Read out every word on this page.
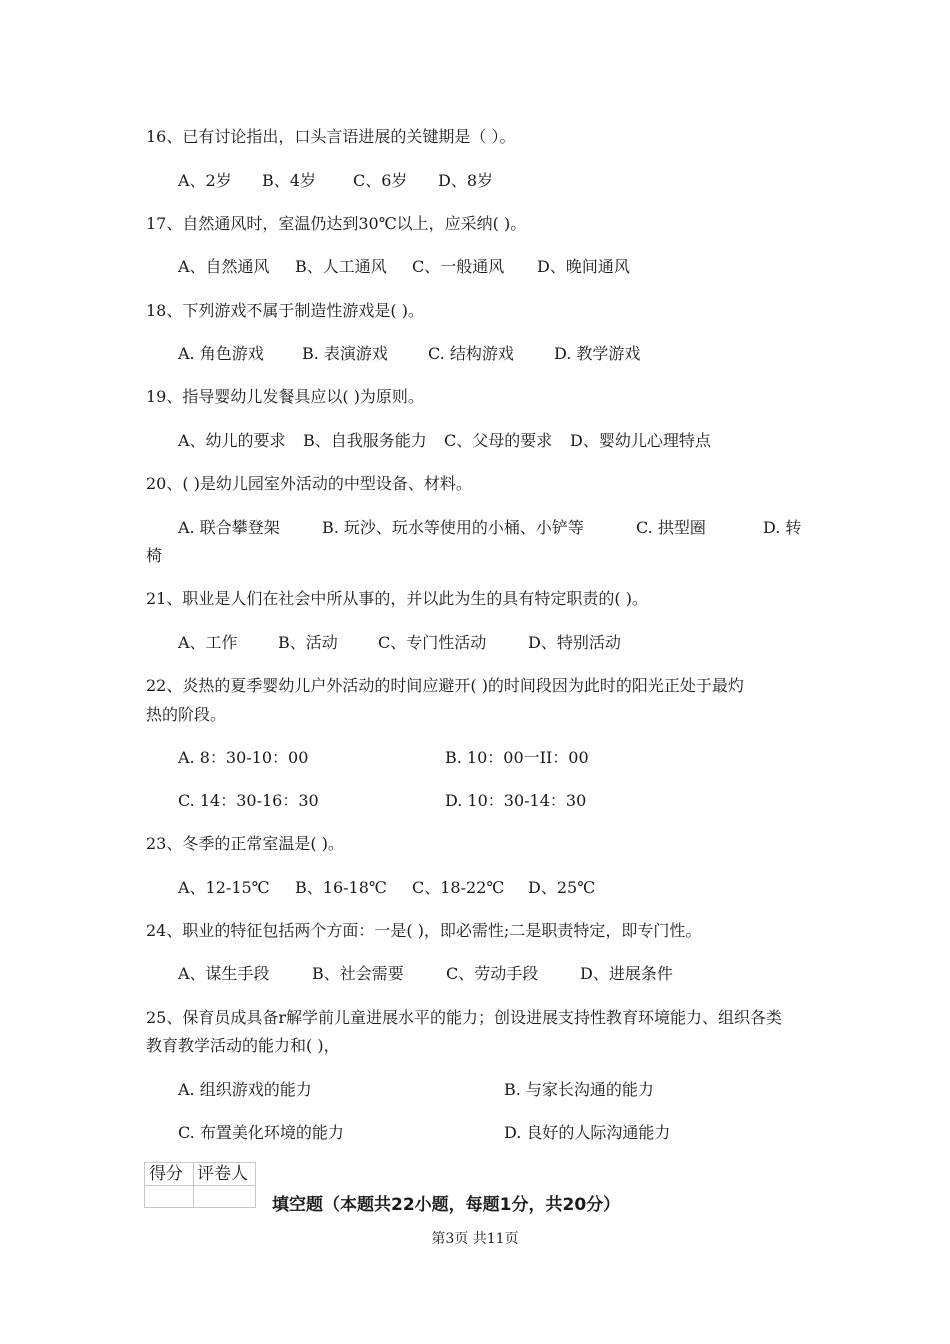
16、已有讨论指出，口头言语进展的关键期是（ ）。
A、2岁 B、4岁 C、6岁 D、8岁
17、自然通风时，室温仍达到30℃以上，应采纳( )。
A、自然通风 B、人工通风 C、一般通风 D、晚间通风
18、下列游戏不属于制造性游戏是( )。
A. 角色游戏 B. 表演游戏	C. 结构游戏	D. 教学游戏
19、指导婴幼儿发餐具应以( )为原则。
A、幼儿的要求 B、自我服务能力 C、父母的要求 D、婴幼儿心理特点
20、( )是幼儿园室外活动的中型设备、材料。
A. 联合攀登架	B. 玩沙、玩水等使用的小桶、小铲等	C. 拱型圈	D. 转
椅
21、职业是人们在社会中所从事的，并以此为生的具有特定职责的( )。
A、工作	B、活动	C、专门性活动	D、特别活动
22、炎热的夏季婴幼儿户外活动的时间应避开( )的时间段因为此时的阳光正处于最灼
热的阶段。
A. 8：30-10：00	B. 10：00一II：00
C. 14：30-16：30	D. 10：30-14：30
23、冬季的正常室温是( )。
A、12-15℃ B、16-18℃ C、18-22℃ D、25℃
24、职业的特征包括两个方面：一是( )，即必需性;二是职责特定，即专门性。
A、谋生手段	B、社会需要	C、劳动手段	D、进展条件
25、保育员成具备r解学前儿童进展水平的能力；创设进展支持性教育环境能力、组织各类
教育教学活动的能力和( )，
A. 组织游戏的能力	B. 与家长沟通的能力
C. 布置美化环境的能力	D. 良好的人际沟通能力
得分 评卷人
填空题（本题共22小题，每题1分，共20分）
第3页 共11页
